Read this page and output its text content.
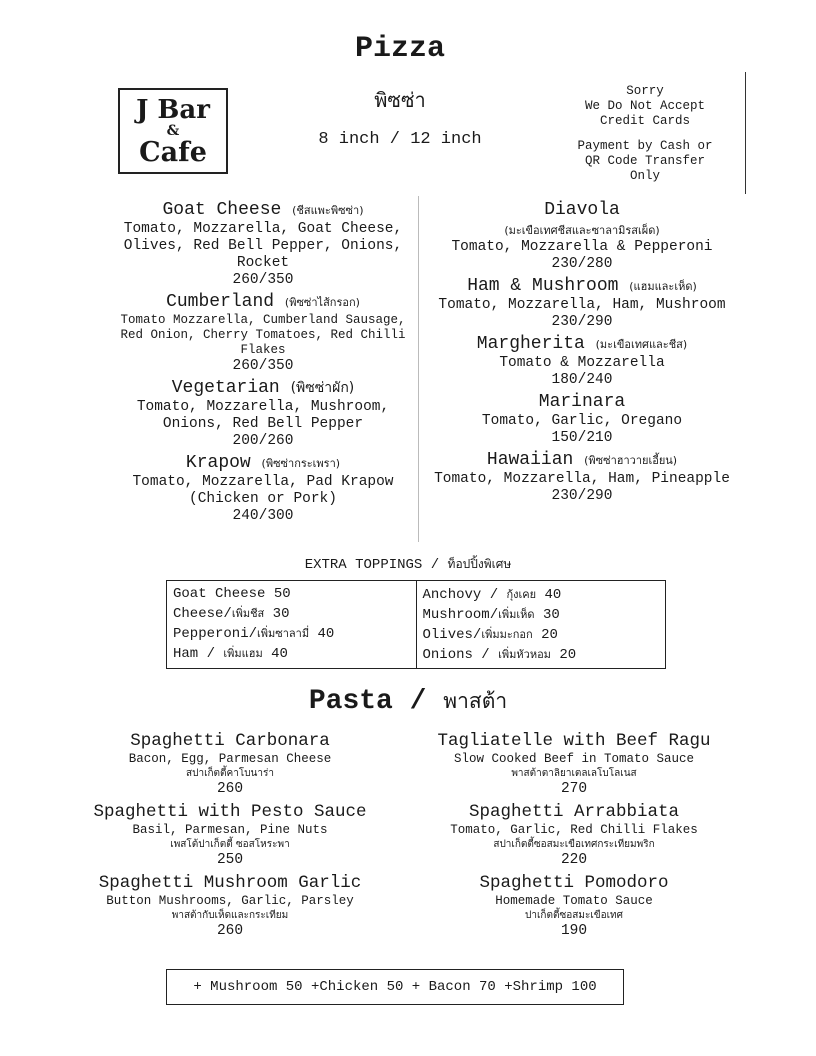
Pizza
พิซซ่า
8 inch / 12 inch
J Bar
&
Cafe
Sorry
We Do Not Accept
Credit Cards
Payment by Cash or
QR Code Transfer
Only
Goat Cheese (ชีสแพะพิซซ่า)
Tomato, Mozzarella, Goat Cheese, Olives, Red Bell Pepper, Onions, Rocket
260/350
Cumberland (พิซซ่าไส้กรอก)
Tomato Mozzarella, Cumberland Sausage, Red Onion, Cherry Tomatoes, Red Chilli Flakes
260/350
Vegetarian (พิซซ่าผัก)
Tomato, Mozzarella, Mushroom, Onions, Red Bell Pepper
200/260
Krapow (พิซซ่ากระเพรา)
Tomato, Mozzarella, Pad Krapow (Chicken or Pork)
240/300
Diavola
(มะเขือเทศชีสและซาลามิรสเผ็ด)
Tomato, Mozzarella & Pepperoni
230/280
Ham & Mushroom (แฮมและเห็ด)
Tomato, Mozzarella, Ham, Mushroom
230/290
Margherita (มะเขือเทศและชีส)
Tomato & Mozzarella
180/240
Marinara
Tomato, Garlic, Oregano
150/210
Hawaiian (พิซซ่าฮาวายเอี้ยน)
Tomato, Mozzarella, Ham, Pineapple
230/290
EXTRA TOPPINGS / ท็อปปิ้งพิเศษ
Goat Cheese 50
Cheese/เพิ่มชีส 30
Pepperoni/เพิ่มซาลามี่ 40
Ham / เพิ่มแฮม 40
Anchovy / กุ้งเคย 40
Mushroom/เพิ่มเห็ด 30
Olives/เพิ่มมะกอก 20
Onions / เพิ่มหัวหอม 20
Pasta / พาสต้า
Spaghetti Carbonara
Bacon, Egg, Parmesan Cheese
สปาเก็ตตี้คาโบนาร่า
260
Spaghetti with Pesto Sauce
Basil, Parmesan, Pine Nuts
เพสโต้ปาเก็ตตี้ ซอสโหระพา
250
Spaghetti Mushroom Garlic
Button Mushrooms, Garlic, Parsley
พาสต้ากับเห็ดและกระเทียม
260
Tagliatelle with Beef Ragu
Slow Cooked Beef in Tomato Sauce
พาสต้าตาลิยาเตลเลโบโลเนส
270
Spaghetti Arrabbiata
Tomato, Garlic, Red Chilli Flakes
สปาเก็ตตี้ซอสมะเขือเทศกระเทียมพริก
220
Spaghetti Pomodoro
Homemade Tomato Sauce
ปาเก็ตตี้ซอสมะเขือเทศ
190
+ Mushroom 50 +Chicken 50 + Bacon 70 +Shrimp 100
